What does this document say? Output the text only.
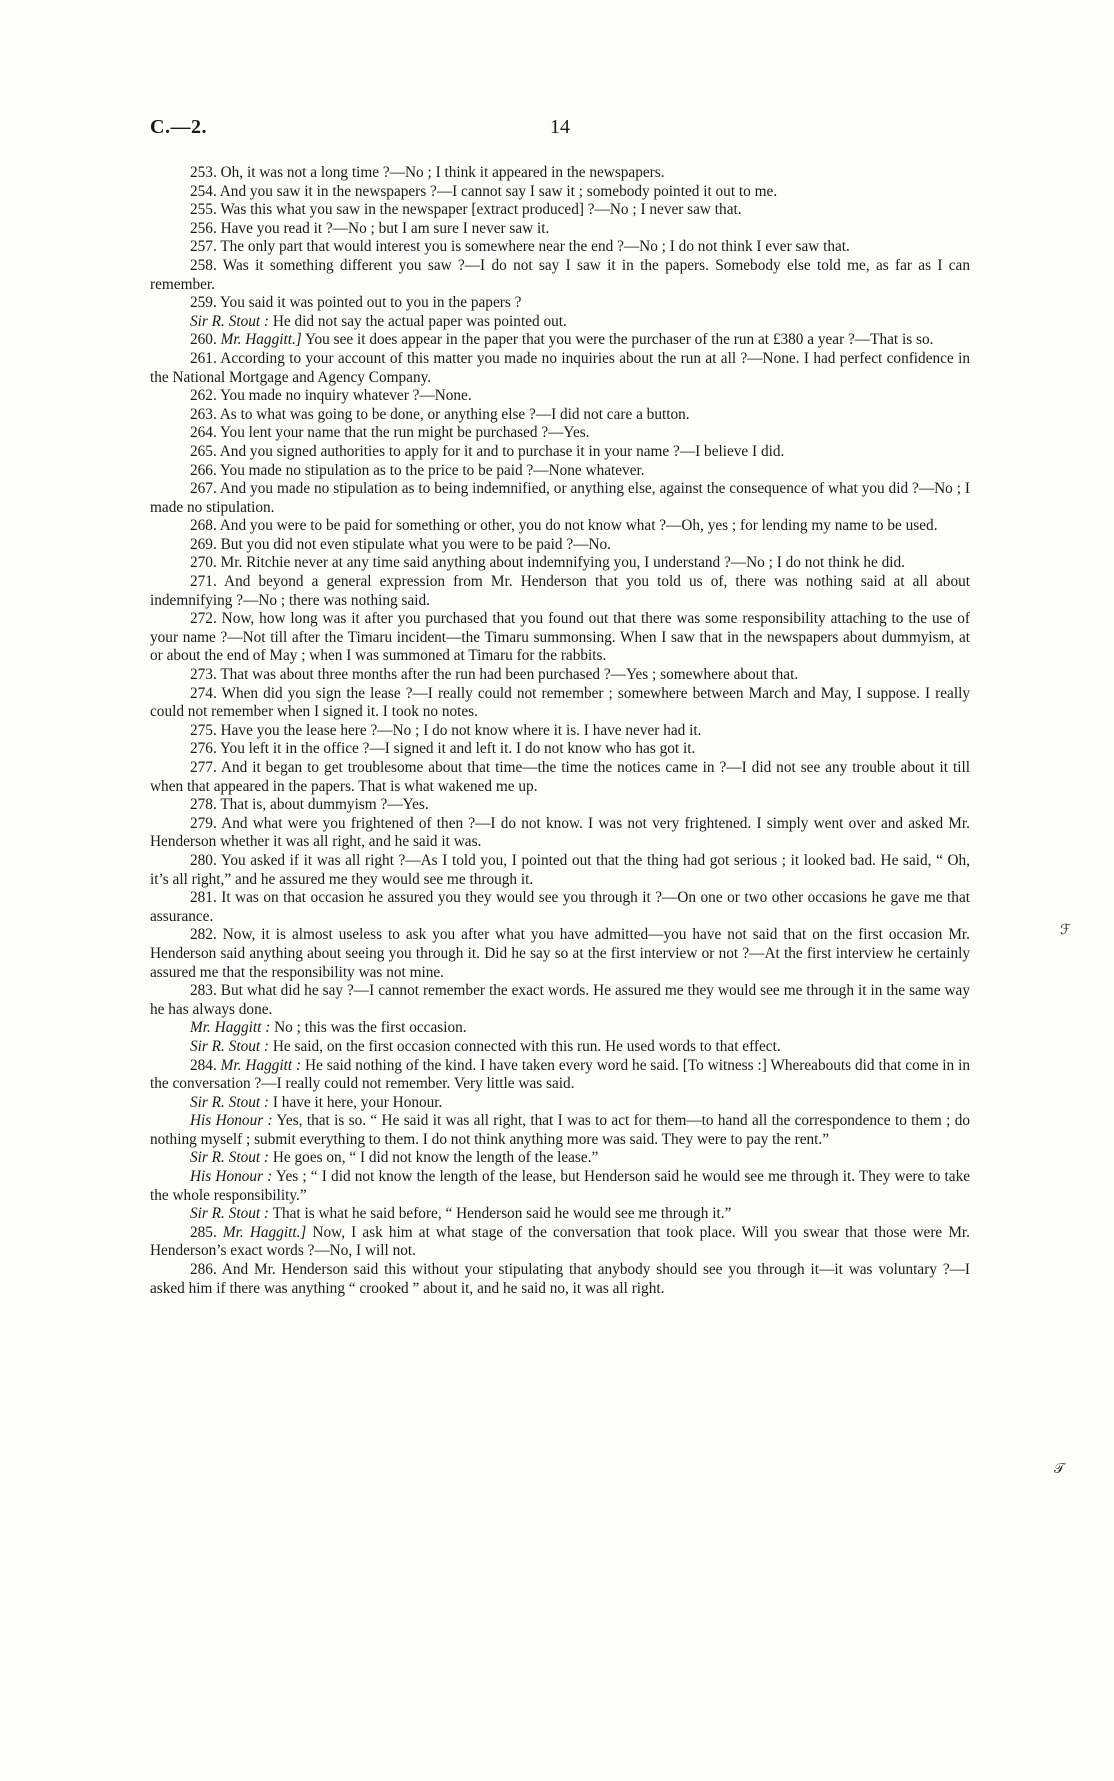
C.—2.	14

253. Oh, it was not a long time ?—No ; I think it appeared in the newspapers.

254. And you saw it in the newspapers ?—I cannot say I saw it ; somebody pointed it out to me.

255. Was this what you saw in the newspaper [extract produced] ?—No ; I never saw that.

256. Have you read it ?—No ; but I am sure I never saw it.

257. The only part that would interest you is somewhere near the end ?—No ; I do not think I ever saw that.

258. Was it something different you saw ?—I do not say I saw it in the papers. Somebody else told me, as far as I can remember.

259. You said it was pointed out to you in the papers ?

Sir R. Stout : He did not say the actual paper was pointed out.

260. Mr. Haggitt.] You see it does appear in the paper that you were the purchaser of the run at £380 a year ?—That is so.

261. According to your account of this matter you made no inquiries about the run at all ?—None. I had perfect confidence in the National Mortgage and Agency Company.

262. You made no inquiry whatever ?—None.

263. As to what was going to be done, or anything else ?—I did not care a button.

264. You lent your name that the run might be purchased ?—Yes.

265. And you signed authorities to apply for it and to purchase it in your name ?—I believe I did.

266. You made no stipulation as to the price to be paid ?—None whatever.

267. And you made no stipulation as to being indemnified, or anything else, against the consequence of what you did ?—No ; I made no stipulation.

268. And you were to be paid for something or other, you do not know what ?—Oh, yes ; for lending my name to be used.

269. But you did not even stipulate what you were to be paid ?—No.

270. Mr. Ritchie never at any time said anything about indemnifying you, I understand ?—No ; I do not think he did.

271. And beyond a general expression from Mr. Henderson that you told us of, there was nothing said at all about indemnifying ?—No ; there was nothing said.

272. Now, how long was it after you purchased that you found out that there was some responsibility attaching to the use of your name ?—Not till after the Timaru incident—the Timaru summonsing. When I saw that in the newspapers about dummyism, at or about the end of May ; when I was summoned at Timaru for the rabbits.

273. That was about three months after the run had been purchased ?—Yes ; somewhere about that.

274. When did you sign the lease ?—I really could not remember ; somewhere between March and May, I suppose. I really could not remember when I signed it. I took no notes.

275. Have you the lease here ?—No ; I do not know where it is. I have never had it.

276. You left it in the office ?—I signed it and left it. I do not know who has got it.

277. And it began to get troublesome about that time—the time the notices came in ?—I did not see any trouble about it till when that appeared in the papers. That is what wakened me up.

278. That is, about dummyism ?—Yes.

279. And what were you frightened of then ?—I do not know. I was not very frightened. I simply went over and asked Mr. Henderson whether it was all right, and he said it was.

280. You asked if it was all right ?—As I told you, I pointed out that the thing had got serious ; it looked bad. He said, “ Oh, it’s all right,” and he assured me they would see me through it.

281. It was on that occasion he assured you they would see you through it ?—On one or two other occasions he gave me that assurance.

282. Now, it is almost useless to ask you after what you have admitted—you have not said that on the first occasion Mr. Henderson said anything about seeing you through it. Did he say so at the first interview or not ?—At the first interview he certainly assured me that the responsibility was not mine.

283. But what did he say ?—I cannot remember the exact words. He assured me they would see me through it in the same way he has always done.

Mr. Haggitt : No ; this was the first occasion.

Sir R. Stout : He said, on the first occasion connected with this run. He used words to that effect.

284. Mr. Haggitt : He said nothing of the kind. I have taken every word he said. [To witness :] Whereabouts did that come in in the conversation ?—I really could not remember. Very little was said.

Sir R. Stout : I have it here, your Honour.

His Honour : Yes, that is so. “ He said it was all right, that I was to act for them—to hand all the correspondence to them ; do nothing myself ; submit everything to them. I do not think anything more was said. They were to pay the rent.”

Sir R. Stout : He goes on, “ I did not know the length of the lease.”

His Honour : Yes ; “ I did not know the length of the lease, but Henderson said he would see me through it. They were to take the whole responsibility.”

Sir R. Stout : That is what he said before, “ Henderson said he would see me through it.”

285. Mr. Haggitt.] Now, I ask him at what stage of the conversation that took place. Will you swear that those were Mr. Henderson’s exact words ?—No, I will not.

286. And Mr. Henderson said this without your stipulating that anybody should see you through it—it was voluntary ?—I asked him if there was anything “ crooked ” about it, and he said no, it was all right.

ℱ
𝒯
